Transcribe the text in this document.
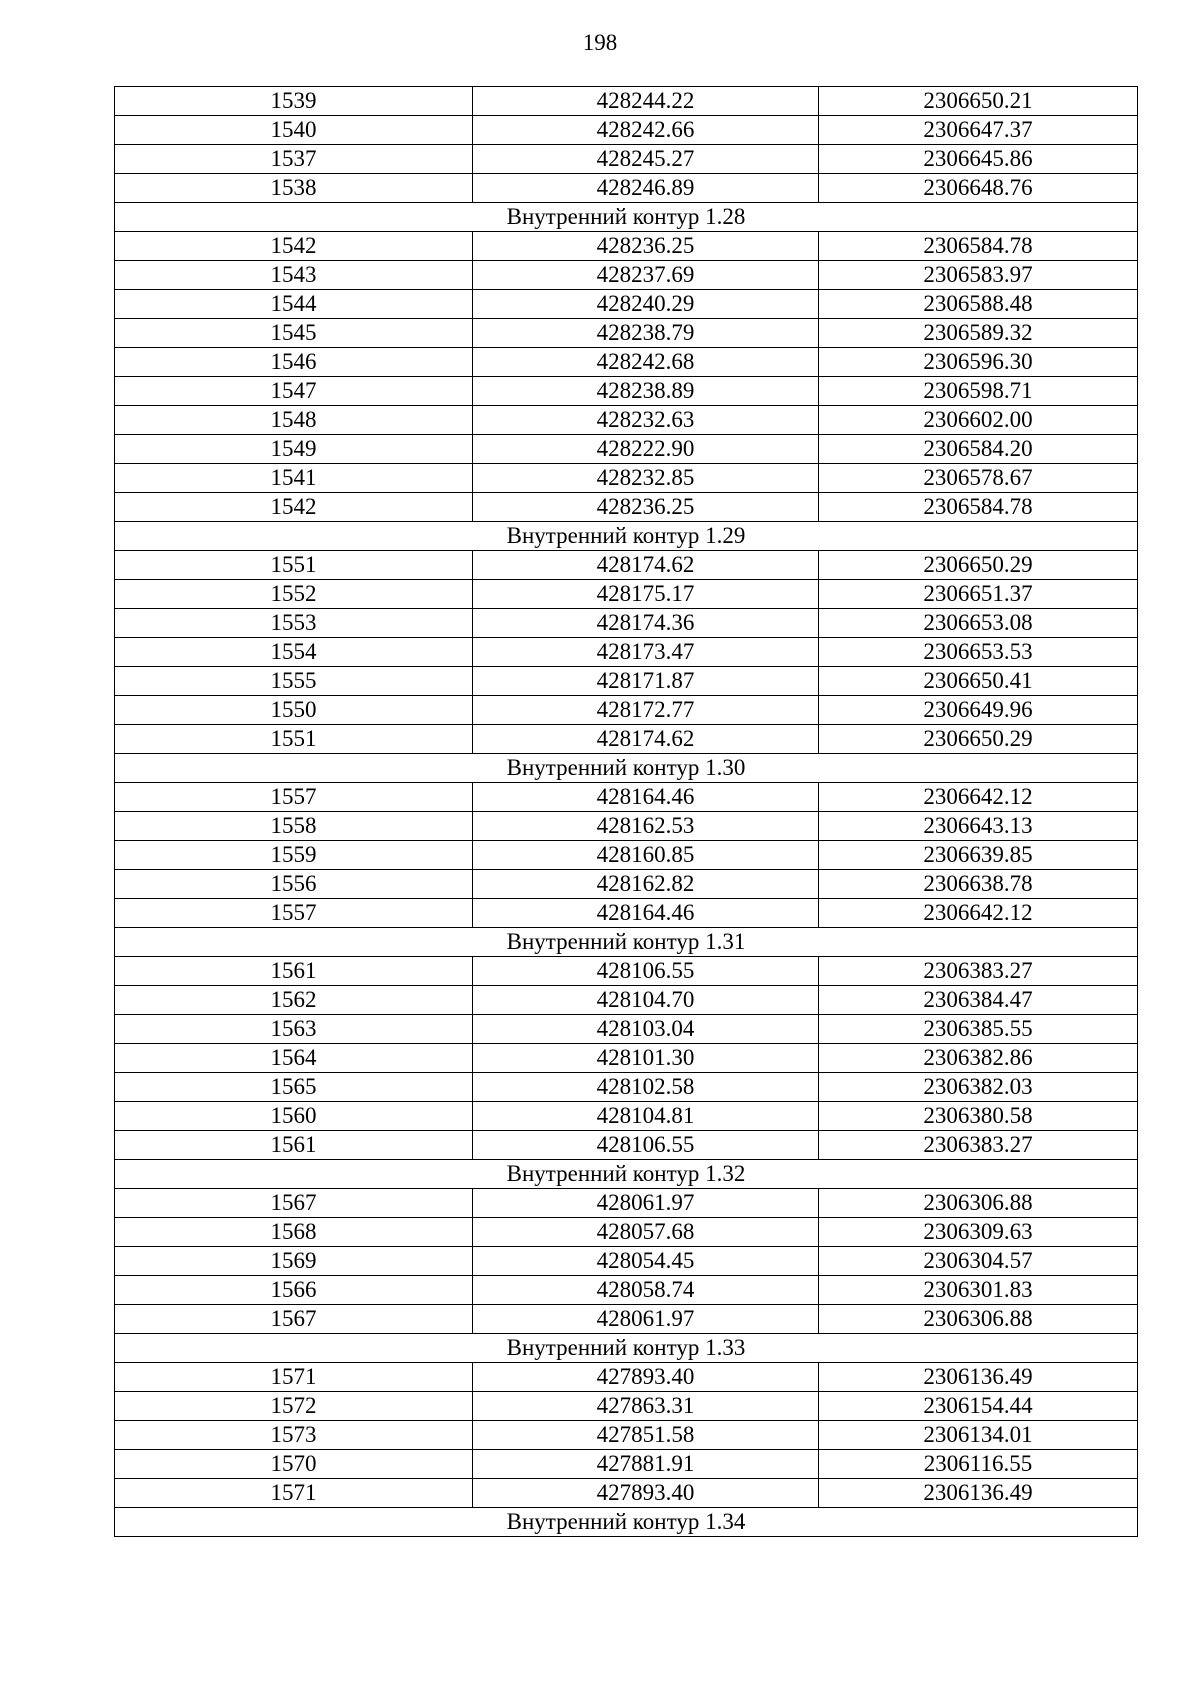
198
1539	428244.22	2306650.21
1540	428242.66	2306647.37
1537	428245.27	2306645.86
1538	428246.89	2306648.76
Внутренний контур 1.28		
1542	428236.25	2306584.78
1543	428237.69	2306583.97
1544	428240.29	2306588.48
1545	428238.79	2306589.32
1546	428242.68	2306596.30
1547	428238.89	2306598.71
1548	428232.63	2306602.00
1549	428222.90	2306584.20
1541	428232.85	2306578.67
1542	428236.25	2306584.78
Внутренний контур 1.29		
1551	428174.62	2306650.29
1552	428175.17	2306651.37
1553	428174.36	2306653.08
1554	428173.47	2306653.53
1555	428171.87	2306650.41
1550	428172.77	2306649.96
1551	428174.62	2306650.29
Внутренний контур 1.30		
1557	428164.46	2306642.12
1558	428162.53	2306643.13
1559	428160.85	2306639.85
1556	428162.82	2306638.78
1557	428164.46	2306642.12
Внутренний контур 1.31		
1561	428106.55	2306383.27
1562	428104.70	2306384.47
1563	428103.04	2306385.55
1564	428101.30	2306382.86
1565	428102.58	2306382.03
1560	428104.81	2306380.58
1561	428106.55	2306383.27
Внутренний контур 1.32		
1567	428061.97	2306306.88
1568	428057.68	2306309.63
1569	428054.45	2306304.57
1566	428058.74	2306301.83
1567	428061.97	2306306.88
Внутренний контур 1.33		
1571	427893.40	2306136.49
1572	427863.31	2306154.44
1573	427851.58	2306134.01
1570	427881.91	2306116.55
1571	427893.40	2306136.49
Внутренний контур 1.34		
